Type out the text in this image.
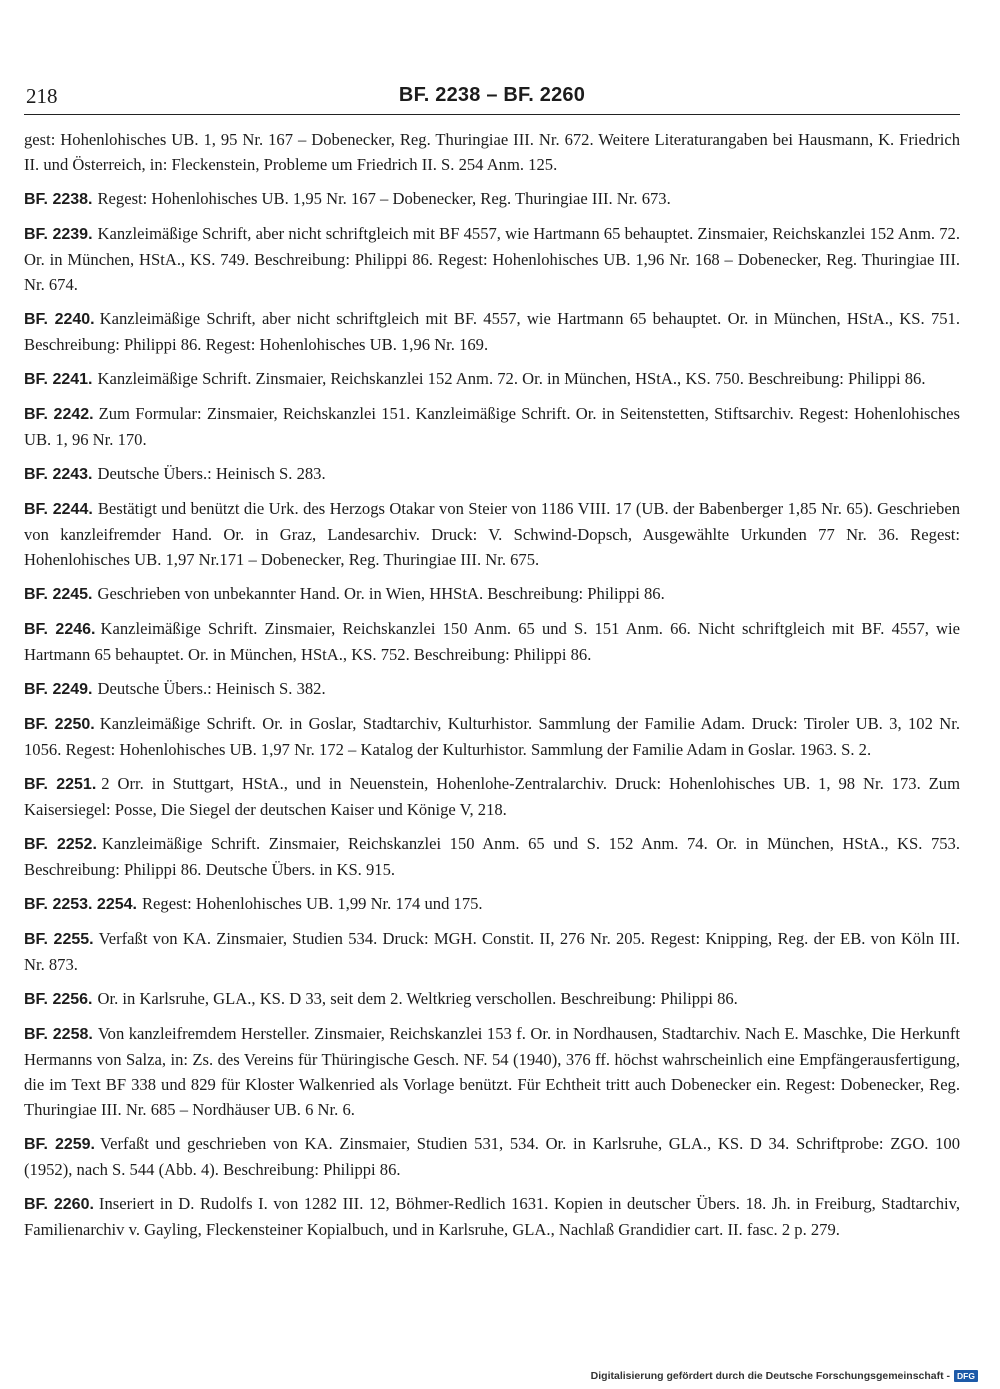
218	BF. 2238 – BF. 2260

gest: Hohenlohisches UB. 1, 95 Nr. 167 – Dobenecker, Reg. Thuringiae III. Nr. 672. Weitere Literaturangaben bei Hausmann, K. Friedrich II. und Österreich, in: Fleckenstein, Probleme um Friedrich II. S. 254 Anm. 125.

BF. 2238. Regest: Hohenlohisches UB. 1,95 Nr. 167 – Dobenecker, Reg. Thuringiae III. Nr. 673.

BF. 2239. Kanzleimäßige Schrift, aber nicht schriftgleich mit BF 4557, wie Hartmann 65 behauptet. Zinsmaier, Reichskanzlei 152 Anm. 72. Or. in München, HStA., KS. 749. Beschreibung: Philippi 86. Regest: Hohenlohisches UB. 1,96 Nr. 168 – Dobenecker, Reg. Thuringiae III. Nr. 674.

BF. 2240. Kanzleimäßige Schrift, aber nicht schriftgleich mit BF. 4557, wie Hartmann 65 behauptet. Or. in München, HStA., KS. 751. Beschreibung: Philippi 86. Regest: Hohenlohisches UB. 1,96 Nr. 169.

BF. 2241. Kanzleimäßige Schrift. Zinsmaier, Reichskanzlei 152 Anm. 72. Or. in München, HStA., KS. 750. Beschreibung: Philippi 86.

BF. 2242. Zum Formular: Zinsmaier, Reichskanzlei 151. Kanzleimäßige Schrift. Or. in Seitenstetten, Stiftsarchiv. Regest: Hohenlohisches UB. 1, 96 Nr. 170.

BF. 2243. Deutsche Übers.: Heinisch S. 283.

BF. 2244. Bestätigt und benützt die Urk. des Herzogs Otakar von Steier von 1186 VIII. 17 (UB. der Babenberger 1,85 Nr. 65). Geschrieben von kanzleifremder Hand. Or. in Graz, Landesarchiv. Druck: V. Schwind-Dopsch, Ausgewählte Urkunden 77 Nr. 36. Regest: Hohenlohisches UB. 1,97 Nr.171 – Dobenecker, Reg. Thuringiae III. Nr. 675.

BF. 2245. Geschrieben von unbekannter Hand. Or. in Wien, HHStA. Beschreibung: Philippi 86.

BF. 2246. Kanzleimäßige Schrift. Zinsmaier, Reichskanzlei 150 Anm. 65 und S. 151 Anm. 66. Nicht schriftgleich mit BF. 4557, wie Hartmann 65 behauptet. Or. in München, HStA., KS. 752. Beschreibung: Philippi 86.

BF. 2249. Deutsche Übers.: Heinisch S. 382.

BF. 2250. Kanzleimäßige Schrift. Or. in Goslar, Stadtarchiv, Kulturhistor. Sammlung der Familie Adam. Druck: Tiroler UB. 3, 102 Nr. 1056. Regest: Hohenlohisches UB. 1,97 Nr. 172 – Katalog der Kulturhistor. Sammlung der Familie Adam in Goslar. 1963. S. 2.

BF. 2251. 2 Orr. in Stuttgart, HStA., und in Neuenstein, Hohenlohe-Zentralarchiv. Druck: Hohenlohisches UB. 1, 98 Nr. 173. Zum Kaisersiegel: Posse, Die Siegel der deutschen Kaiser und Könige V, 218.

BF. 2252. Kanzleimäßige Schrift. Zinsmaier, Reichskanzlei 150 Anm. 65 und S. 152 Anm. 74. Or. in München, HStA., KS. 753. Beschreibung: Philippi 86. Deutsche Übers. in KS. 915.

BF. 2253. 2254. Regest: Hohenlohisches UB. 1,99 Nr. 174 und 175.

BF. 2255. Verfaßt von KA. Zinsmaier, Studien 534. Druck: MGH. Constit. II, 276 Nr. 205. Regest: Knipping, Reg. der EB. von Köln III. Nr. 873.

BF. 2256. Or. in Karlsruhe, GLA., KS. D 33, seit dem 2. Weltkrieg verschollen. Beschreibung: Philippi 86.

BF. 2258. Von kanzleifremdem Hersteller. Zinsmaier, Reichskanzlei 153 f. Or. in Nordhausen, Stadtarchiv. Nach E. Maschke, Die Herkunft Hermanns von Salza, in: Zs. des Vereins für Thüringische Gesch. NF. 54 (1940), 376 ff. höchst wahrscheinlich eine Empfängerausfertigung, die im Text BF 338 und 829 für Kloster Walkenried als Vorlage benützt. Für Echtheit tritt auch Dobenecker ein. Regest: Dobenecker, Reg. Thuringiae III. Nr. 685 – Nordhäuser UB. 6 Nr. 6.

BF. 2259. Verfaßt und geschrieben von KA. Zinsmaier, Studien 531, 534. Or. in Karlsruhe, GLA., KS. D 34. Schriftprobe: ZGO. 100 (1952), nach S. 544 (Abb. 4). Beschreibung: Philippi 86.

BF. 2260. Inseriert in D. Rudolfs I. von 1282 III. 12, Böhmer-Redlich 1631. Kopien in deutscher Übers. 18. Jh. in Freiburg, Stadtarchiv, Familienarchiv v. Gayling, Fleckensteiner Kopialbuch, und in Karlsruhe, GLA., Nachlaß Grandidier cart. II. fasc. 2 p. 279.

Digitalisierung gefördert durch die Deutsche Forschungsgemeinschaft - DFG
